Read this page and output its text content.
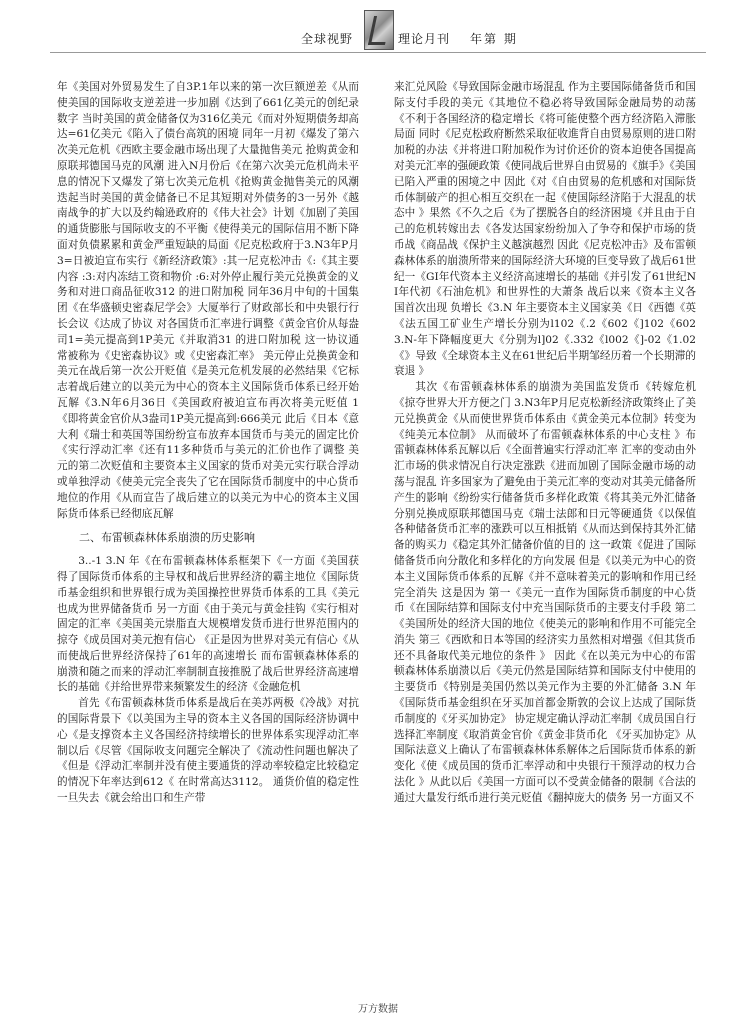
全球视野	理论月刊 年第 期

年《美国对外贸易发生了自3P.1年以来的第一次巨额逆差《从而使美国的国际收支逆差进一步加剧《达到了661亿美元的创纪录数字 当时美国的黄金储备仅为316亿美元《而对外短期债务却高达=61亿美元《陷入了债台高筑的困境 同年一月初《爆发了第六次美元危机《西欧主要金融市场出现了大量抛售美元 抢购黄金和原联邦德国马克的风潮 进入N月份后《在第六次美元危机尚未平息的情况下又爆发了第七次美元危机《抢购黄金抛售美元的风潮迭起当时美国的黄金储备已不足其短期对外债务的3一另外《越南战争的扩大以及约翰逊政府的《伟大社会》计划《加剧了美国的通货膨胀与国际收支的不平衡《使得美元的国际信用不断下降 面对负债累累和黄金严重短缺的局面《尼克松政府于3.N3年P月3=日被迫宣布实行《新经济政策》:其一尼克松冲击《:《其主要内容 :3:对内冻结工资和物价 :6:对外停止履行美元兑换黄金的义务和对进口商品征收312 的进口附加税 同年36月中旬的十国集团《在华盛顿史密森尼学会》大厦举行了财政部长和中央银行行长会议《达成了协议 对各国货币汇率进行调整《黄金官价从每盎司1=美元提高到1P美元《并取消31 的进口附加税 这一协议通常被称为《史密森协议》或《史密森汇率》 美元停止兑换黄金和美元在战后第一次公开贬值《是美元危机发展的必然结果《它标志着战后建立的以美元为中心的资本主义国际货币体系已经开始瓦解《3.N年6月36日《美国政府被迫宣布再次将美元贬值 1 《即将黄金官价从3盎司1P美元提高到:666美元 此后《日本《意大利《瑞士和英国等国纷纷宣布放弃本国货币与美元的固定比价《实行浮动汇率《还有11多种货币与美元的汇价也作了调整 美元的第二次贬值和主要资本主义国家的货币对美元实行联合浮动或单独浮动《使美元完全丧失了它在国际货币制度中的中心货币地位的作用《从而宣告了战后建立的以美元为中心的资本主义国际货币体系已经彻底瓦解

二、布雷顿森林体系崩溃的历史影响

3..-1 3.N 年《在布雷顿森林体系框架下《一方面《美国获得了国际货币体系的主导权和战后世界经济的霸主地位《国际货币基金组织和世界银行成为美国操控世界货币体系的工具《美元也成为世界储备货币 另一方面《由于美元与黄金挂钩《实行相对固定的汇率《美国美元崇脂直大规模增发货币进行世界范围内的掠夺《成员国对美元抱有信心 《正是因为世界对美元有信心《从而使战后世界经济保持了61年的高速增长 而布雷顿森林体系的崩溃和随之而来的浮动汇率制制直接推脱了战后世界经济高速增长的基础《并给世界带来频繁发生的经济《金融危机

首先《布雷顿森林货币体系是战后在美苏两极《冷战》对抗的国际背景下《以美国为主导的资本主义各国的国际经济协调中心《是支撑资本主义各国经济持续增长的世界体系实现浮动汇率制以后《尽管《国际收支问题完全解决了《流动性问题也解决了《但是《浮动汇率制并没有使主要通货的浮动率较稳定比较稳定的情况下年率达到612《 在时常高达3112。 通货价值的稳定性一旦失去《就会给出口和生产带

来汇兑风险《导致国际金融市场混乱 作为主要国际储备货币和国际支付手段的美元《其地位不稳必将导致国际金融局势的动荡《不利于各国经济的稳定增长《将可能使整个西方经济陷入滞胀局面 同时《尼克松政府断然采取征收進背自由贸易原则的进口附加税的办法《并将进口附加税作为讨价还价的资本迫使各国提高对美元汇率的强硬政策《使同战后世界自由贸易的《旗手》《美国已陷入严重的困境之中 因此《对《自由贸易的危机感和对国际货币体制破产的担心相互交织在一起《使国际经济陷于大混乱的状态中 》果然《不久之后《为了摆脱各自的经济困境《并且由于自己的危机转嫁出去《各发达国家纷纷加入了争夺和保护市场的货币战《商品战《保护主义越演越烈 因此《尼克松冲击》及布雷顿森林体系的崩溃所带来的国际经济大环境的巨变导致了战后61世纪一《GI年代资本主义经济高速增长的基础《并引发了61世纪NI年代初《石油危机》和世界性的大萧条 战后以来《资本主义各国首次出现 负增长《3.N 年主要资本主义国家美《日《西德《英《法五国工矿业生产增长分别为l102《.2《602《]102《602 3.N-年下降幅度更大《分别为l]02《.332《l002《]-02《1.02《》导致《全球资本主义在61世纪后半期邹经历着一个长期滞的衰退 》

其次《布雷顿森林体系的崩溃为美国监发货币《转嫁危机《掠夺世界大开方便之门 3.N3年P月尼克松新经济政策终止了美元兑换黄金《从而使世界货币体系由《黄金美元本位制》转变为《纯美元本位制》 从而破坏了布雷顿森林体系的中心支柱 》布雷顿森林体系瓦解以后《全面普遍实行浮动汇率 汇率的变动由外汇市场的供求情况自行决定涨跌《进而加剧了国际金融市场的动荡与混乱 许多国家为了避免由于美元汇率的变动对其美元储备所产生的影响《纷纷实行储备货币多样化政策《将其美元外汇储备分别兑换成原联邦德国马克《瑞士法郎和日元等硬通货《以保值各种储备货币汇率的涨跌可以互相抵销《从而达到保持其外汇储备的购买力《稳定其外汇储备价值的目的 这一政策《促进了国际储备货币向分散化和多样化的方向发展 但是《以美元为中心的资本主义国际货币体系的瓦解《并不意味着美元的影响和作用已经完全消失 这是因为 第一《美元一直作为国际货币制度的中心货币《在国际结算和国际支付中充当国际货币的主要支付手段 第二《美国所处的经济大国的地位《使美元的影响和作用不可能完全消失 第三《西欧和日本等国的经济实力虽然相对增强《但其货币还不具备取代美元地位的条件 》 因此《在以美元为中心的布雷顿森林体系崩溃以后《美元仍然是国际结算和国际支付中使用的主要货币《特别是美国仍然以美元作为主要的外汇储备 3.N 年《国际货币基金组织在牙买加首都金斯敦的会议上达成了国际货币制度的《牙买加协定》 协定规定确认浮动汇率制《成员国自行选择汇率制度《取消黄金官价《黄金非货币化 《牙买加协定》从国际法意义上确认了布雷顿森林体系解体之后国际货币体系的新变化《使《成员国的货币汇率浮动和中央银行干预浮动的权力合法化 》从此以后《美国一方面可以不受黄金储备的限制《合法的通过大量发行纸币进行美元贬值《翻掉庞大的债务 另一方面又不

万方数据
